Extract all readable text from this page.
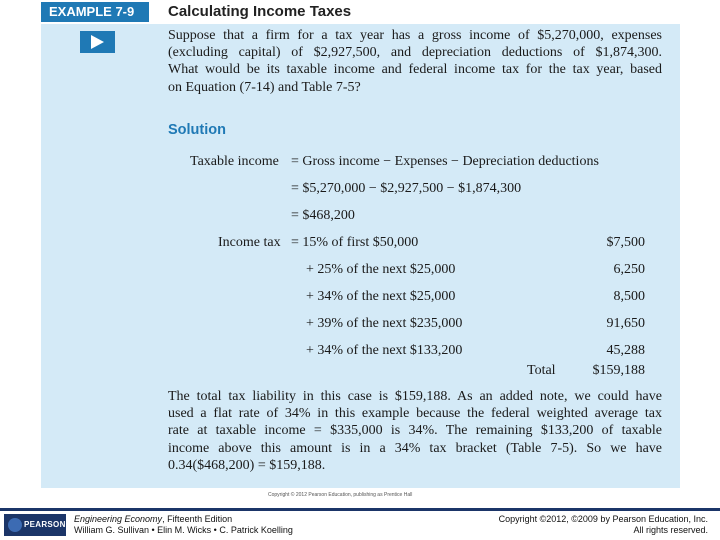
EXAMPLE 7-9	Calculating Income Taxes
Suppose that a firm for a tax year has a gross income of $5,270,000, expenses
(excluding capital) of $2,927,500, and depreciation deductions of $1,874,300.
What would be its taxable income and federal income tax for the tax year, based
on Equation (7-14) and Table 7-5?
Solution
Taxable income = Gross income − Expenses − Depreciation deductions
= $5,270,000 − $2,927,500 − $1,874,300
= $468,200
Income tax = 15% of first $50,000	$7,500
+ 25% of the next $25,000	6,250
+ 34% of the next $25,000	8,500
+ 39% of the next $235,000	91,650
+ 34% of the next $133,200	45,288
Total	$159,188
The total tax liability in this case is $159,188. As an added note, we could have
used a flat rate of 34% in this example because the federal weighted average tax
rate at taxable income = $335,000 is 34%. The remaining $133,200 of taxable
income above this amount is in a 34% tax bracket (Table 7-5). So we have
0.34($468,200) = $159,188.
Copyright © 2012 Pearson Education, publishing as Prentice Hall
PEARSON
Engineering Economy, Fifteenth Edition
William G. Sullivan • Elin M. Wicks • C. Patrick Koelling
Copyright ©2012, ©2009 by Pearson Education, Inc.
All rights reserved.
